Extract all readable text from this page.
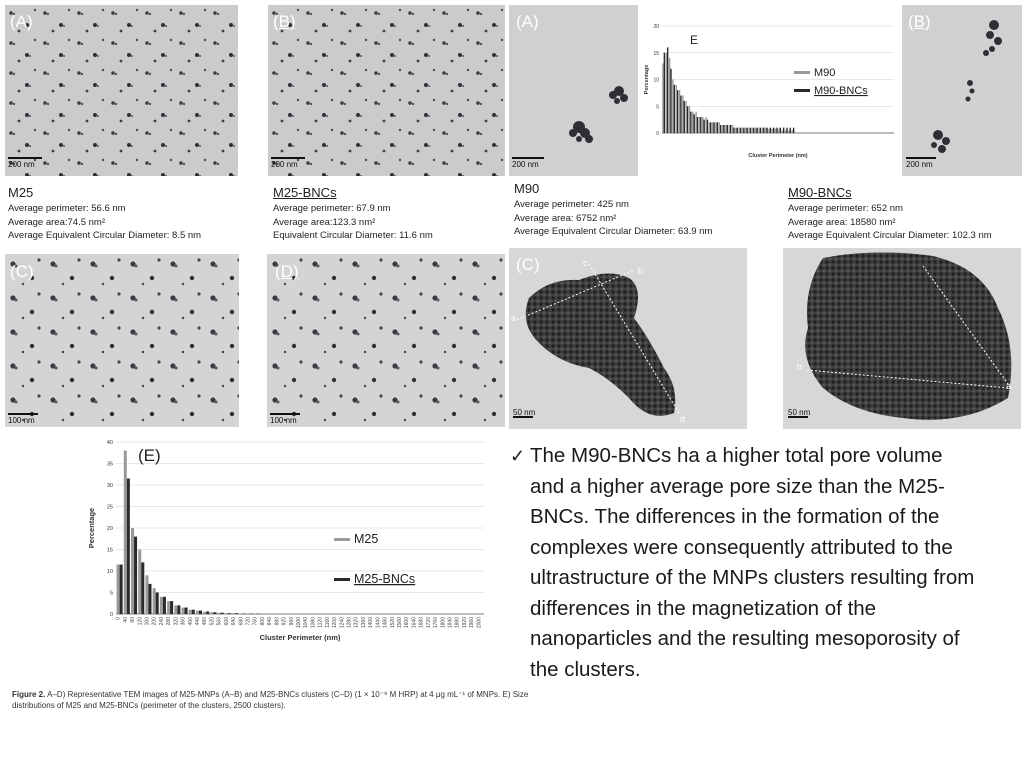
(A)
200 nm
(B)
200 nm
M25
Average perimeter: 56.6 nm
Average area:74.5 nm²
Average Equivalent Circular Diameter: 8.5 nm
M25-BNCs
Average perimeter: 67.9 nm
Average area:123.3 nm²
Equivalent Circular Diameter: 11.6 nm
(C)
100 nm
(D)
100 nm
(A)
200 nm
0
5
10
15
20
Cluster Perimeter (nm)
Percentage
E
M90
M90-BNCs
(B)
200 nm
M90
Average perimeter: 425 nm
Average area: 6752 nm²
Average Equivalent Circular Diameter: 63.9 nm
M90-BNCs
Average perimeter: 652 nm
Average area: 18580 nm²
Average Equivalent Circular Diameter: 102.3 nm
(C)
a
b
c
d
50 nm
b
a
50 nm
0
5
10
15
20
25
30
35
40
0 40 80 120 160 200 240 280 320 360 400 440 480 520 560 600 640 680 720 760 800 840 880 920 960 1000 1040 1080 1120 1160 1200 1240 1280 1320 1360 1400 1440 1480 1520 1560 1600 1640 1680 1720 1760 1800 1840 1880 1920 1960 2000
Cluster Perimeter (nm)
Percentage
(E)
M25
M25-BNCs
✓ The M90-BNCs ha a higher total pore volume and a higher average pore size than the M25-BNCs. The differences in the formation of the complexes were consequently attributed to the ultrastructure of the MNPs clusters resulting from differences in the magnetization of the nanoparticles and the resulting mesoporosity of the clusters.
Figure 2. A–D) Representative TEM images of M25-MNPs (A–B) and M25-BNCs clusters (C–D) (1 × 10⁻⁹ M HRP) at 4 μg mL⁻¹ of MNPs. E) Size
distributions of M25 and M25-BNCs (perimeter of the clusters, 2500 clusters).
